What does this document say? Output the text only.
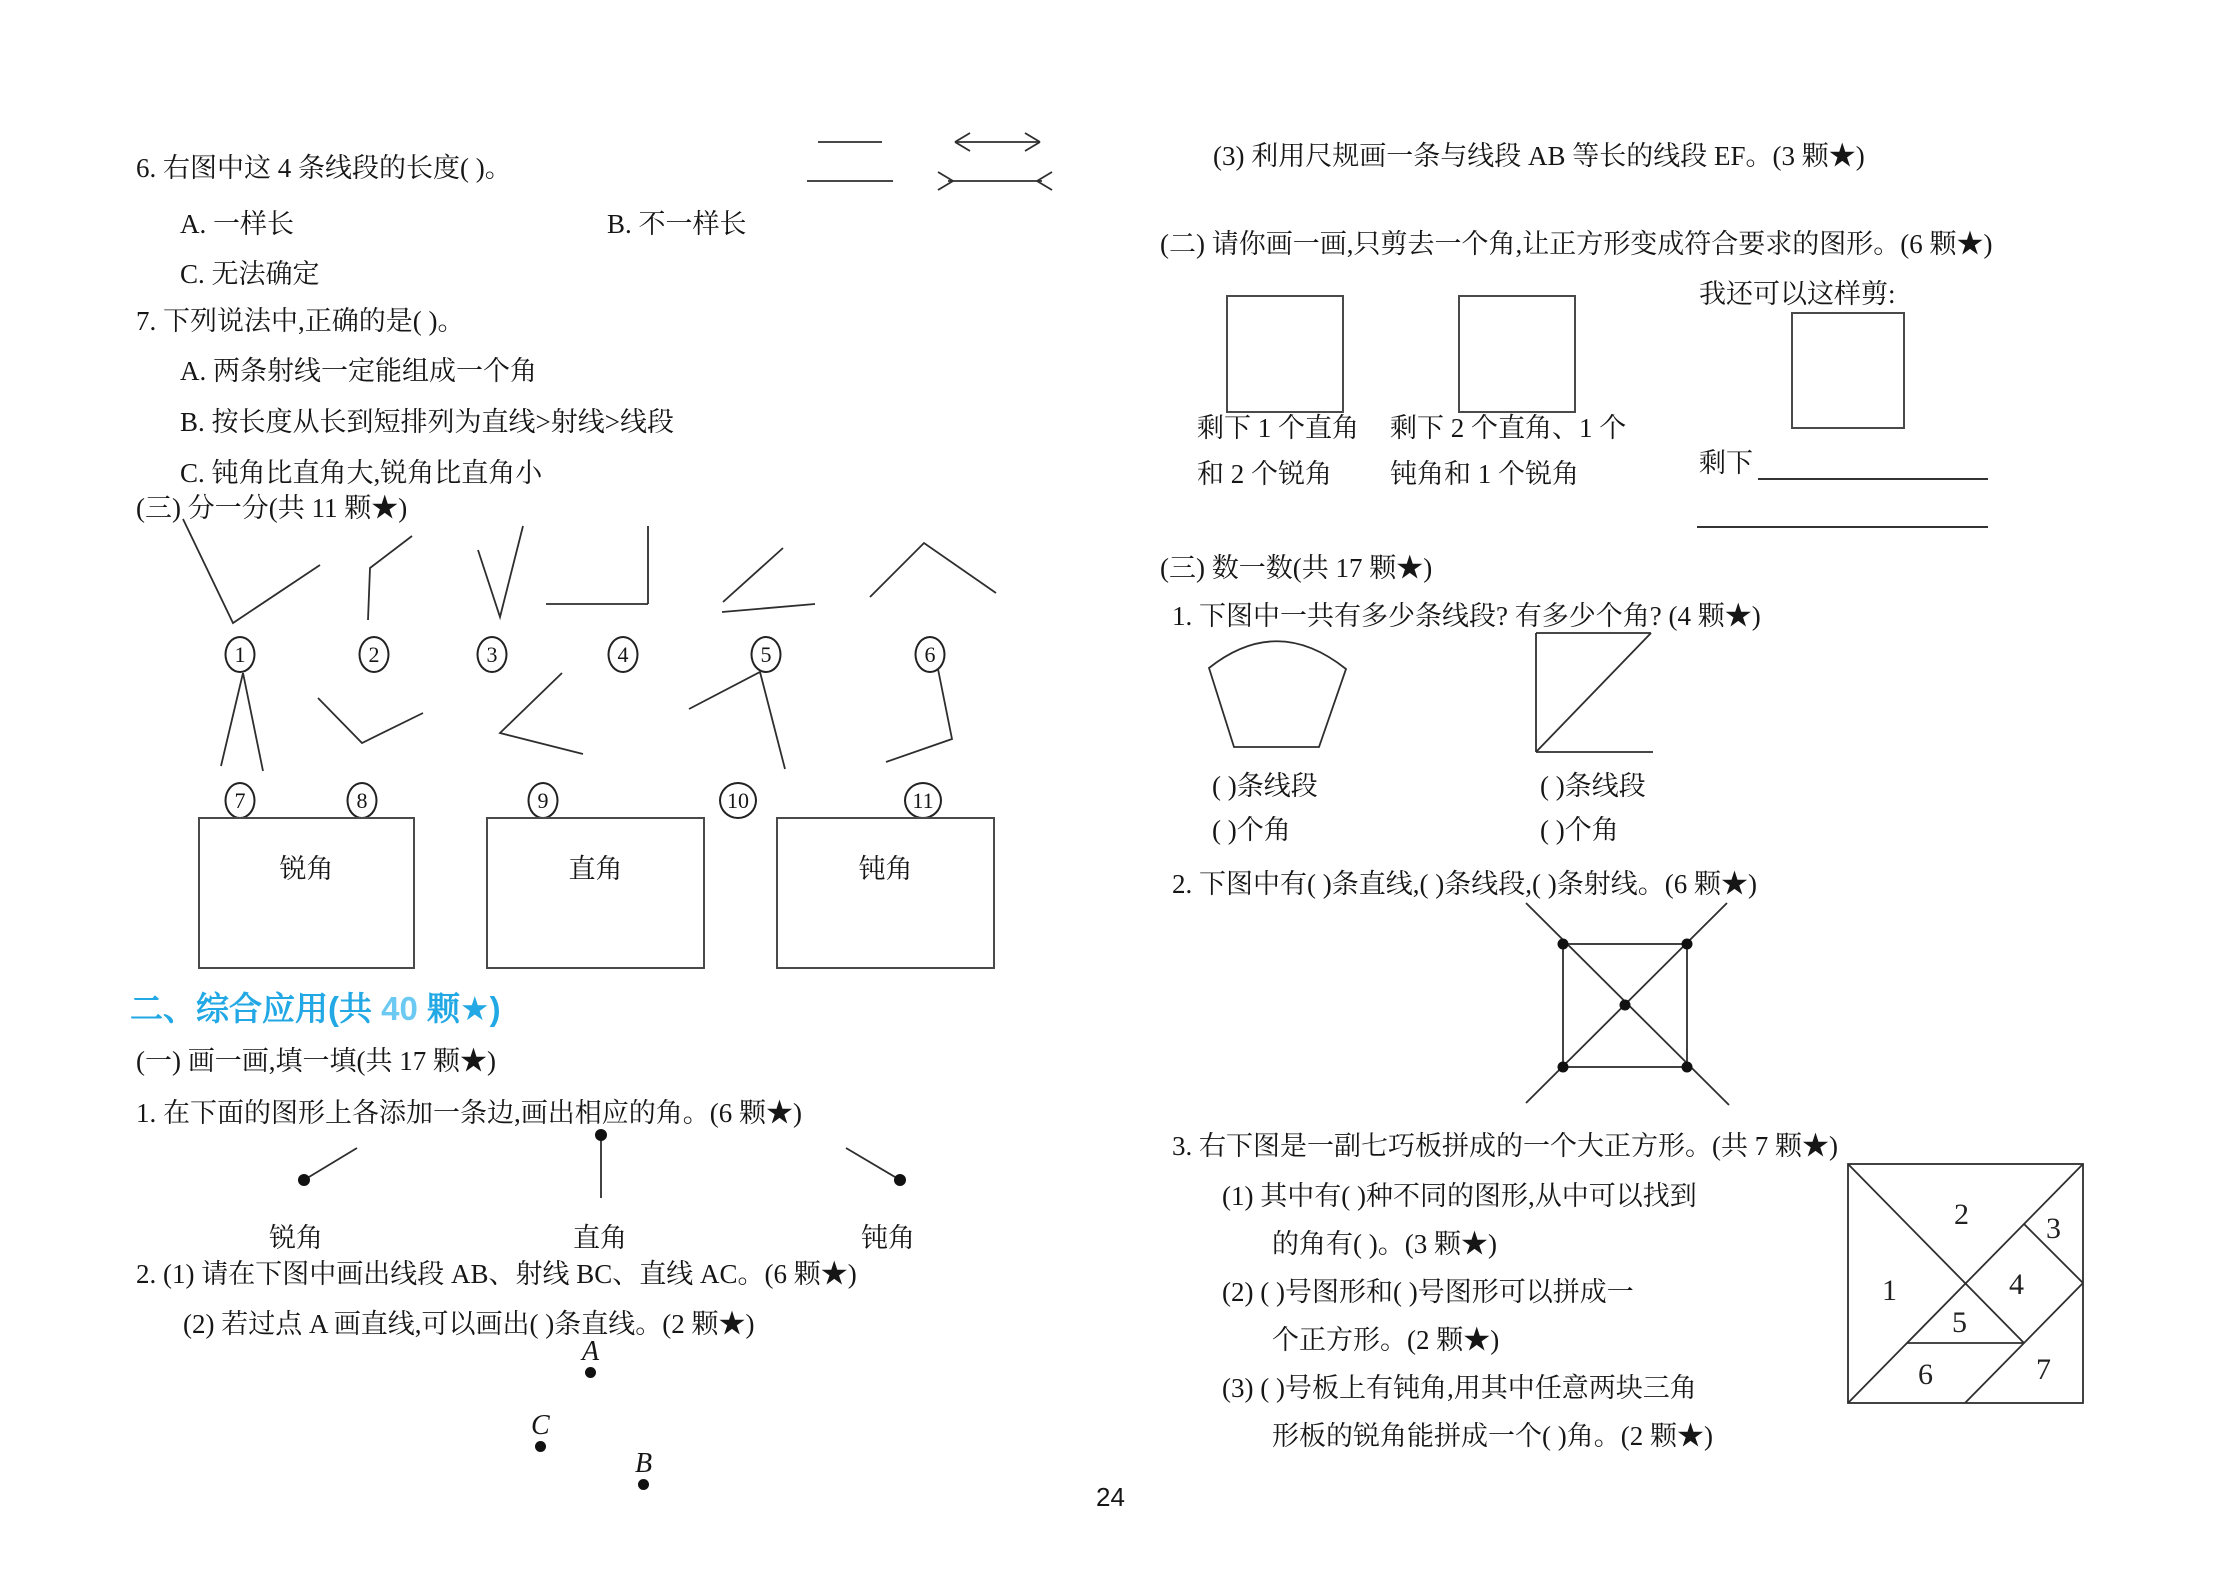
6. 右图中这 4 条线段的长度( )。
A. 一样长	B. 不一样长
C. 无法确定
7. 下列说法中,正确的是( )。
A. 两条射线一定能组成一个角
B. 按长度从长到短排列为直线>射线>线段
C. 钝角比直角大,锐角比直角小
(三) 分一分(共 11 颗★)
1	2	3	4	5	6
7	8	9	10	11
锐角	直角	钝角
二、综合应用(共 40 颗★)
(一) 画一画,填一填(共 17 颗★)
1. 在下面的图形上各添加一条边,画出相应的角。(6 颗★)
锐角	直角	钝角
2. (1) 请在下图中画出线段 AB、射线 BC、直线 AC。(6 颗★)
(2) 若过点 A 画直线,可以画出( )条直线。(2 颗★)
A
C
B
(3) 利用尺规画一条与线段 AB 等长的线段 EF。(3 颗★)
(二) 请你画一画,只剪去一个角,让正方形变成符合要求的图形。(6 颗★)
我还可以这样剪:
剩下 1 个直角
和 2 个锐角
剩下 2 个直角、1 个
钝角和 1 个锐角	剩下
(三) 数一数(共 17 颗★)
1. 下图中一共有多少条线段? 有多少个角? (4 颗★)
( )条线段	( )条线段
( )个角	( )个角
2. 下图中有( )条直线,( )条线段,( )条射线。(6 颗★)
3. 右下图是一副七巧板拼成的一个大正方形。(共 7 颗★)
(1) 其中有( )种不同的图形,从中可以找到
的角有( )。(3 颗★)
(2) ( )号图形和( )号图形可以拼成一
个正方形。(2 颗★)
(3) ( )号板上有钝角,用其中任意两块三角
形板的锐角能拼成一个( )角。(2 颗★)
1
2	3
4
5
6	7
24
